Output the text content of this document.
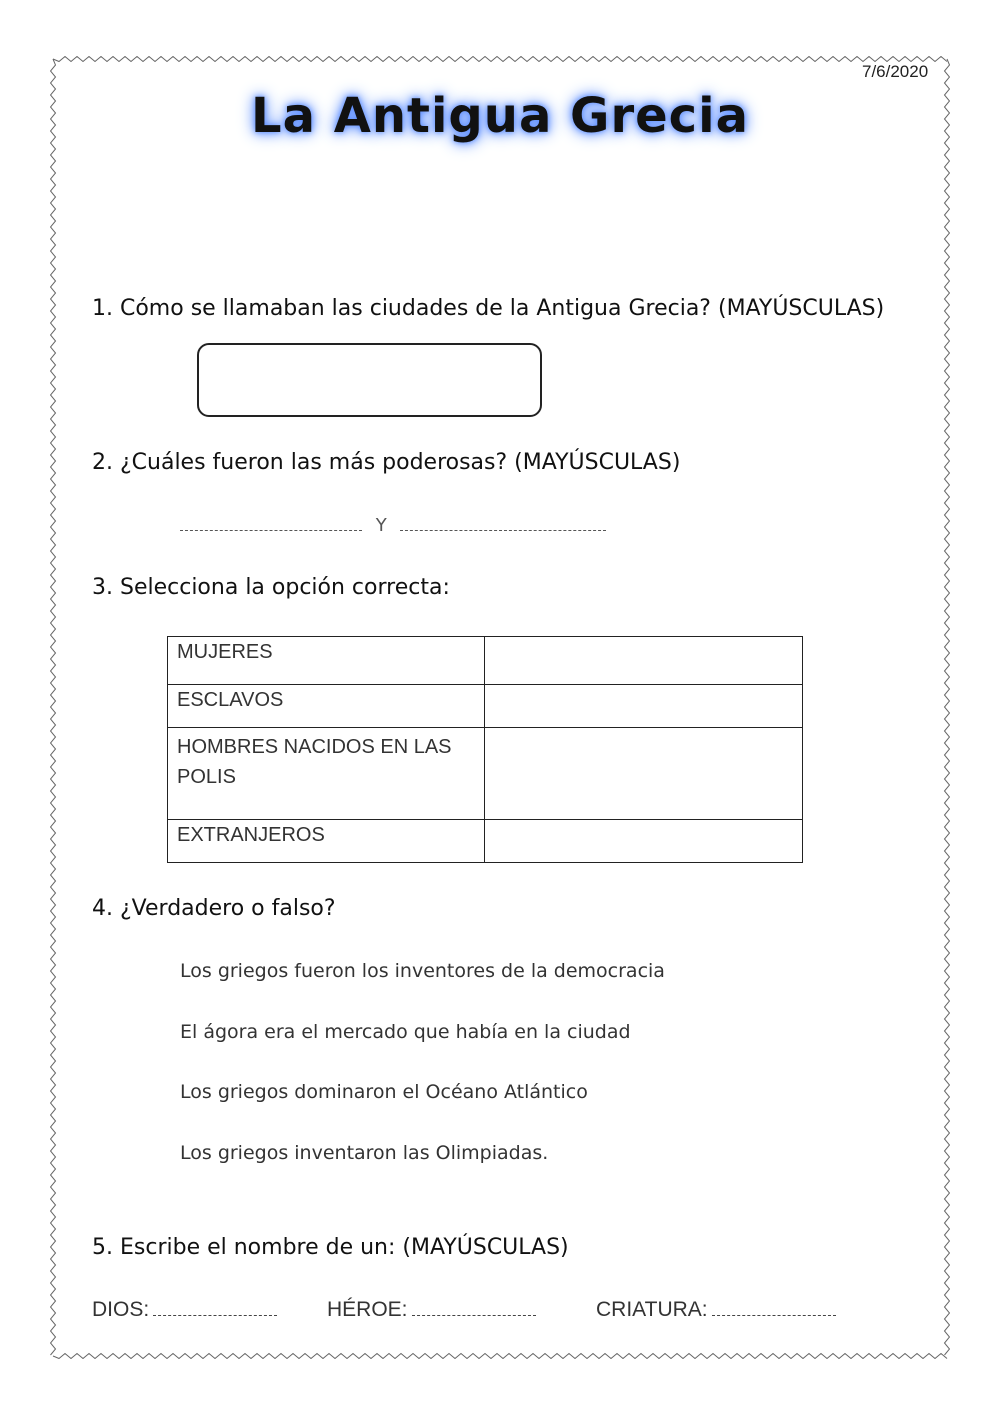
7/6/2020
La Antigua Grecia
1. Cómo se llamaban las ciudades de la Antigua Grecia? (MAYÚSCULAS)
2. ¿Cuáles fueron las más poderosas? (MAYÚSCULAS)
Y
3. Selecciona la opción correcta:
MUJERES	
ESCLAVOS	
HOMBRES NACIDOS EN LAS POLIS	
EXTRANJEROS	
4. ¿Verdadero o falso?
Los griegos fueron los inventores de la democracia
El ágora era el mercado que había en la ciudad
Los griegos dominaron el Océano Atlántico
Los griegos inventaron las Olimpiadas.
5. Escribe el nombre de un: (MAYÚSCULAS)
DIOS:	HÉROE:	CRIATURA:
